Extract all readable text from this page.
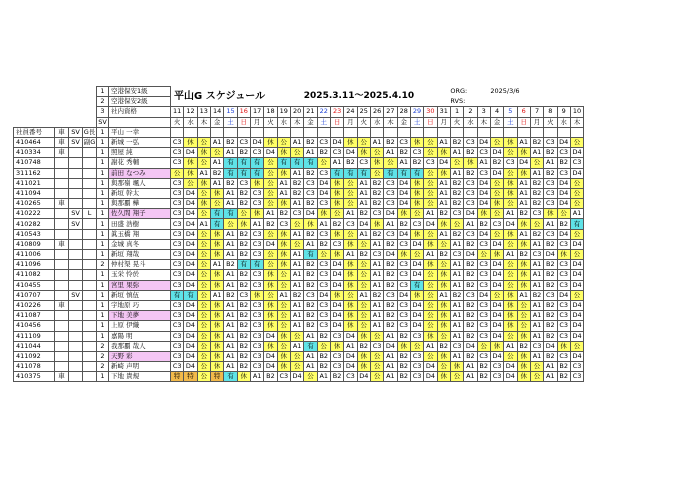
				1	空港保安1級	平山G スケジュール										2025.3.11～2025.4.10											ORG:			2025/3/6						
				2	空港保安2級																						RVS:									
				3	社内資格	11	12	13	14	15	16	17	18	19	20	21	22	23	24	25	26	27	28	29	30	31	1	2	3	4	5	6	7	8	9	10
				SV		火	水	木	金	土	日	月	火	水	木	金	土	日	月	火	水	木	金	土	日	月	火	水	木	金	土	日	月	火	水	木
社員番号	車	SV	G長	1	平山 一幸																															
410464	車	SV	副G	1	新城 一弘	C3	休	公	A1	B2	C3	D4	休	公	A1	B2	C3	D4	休	公	A1	B2	C3	休	公	A1	B2	C3	D4	公	休	A1	B2	C3	D4	公
410334	車			1	照屋 純	C3	D4	休	公	A1	B2	C3	D4	休	公	A1	B2	C3	D4	休	公	A1	B2	C3	公	休	A1	B2	C3	D4	公	休	A1	B2	C3	D4
410748				1	謝花 秀輔	C3	休	公	A1	有	有	有	公	有	有	有	公	A1	B2	C3	休	公	A1	B2	C3	D4	公	休	A1	B2	C3	D4	公	A1	B2	C3
311162				1	前田 なつみ	公	休	A1	B2	有	有	有	公	休	A1	B2	C3	有	有	有	公	有	有	有	公	休	A1	B2	C3	D4	公	休	A1	B2	C3	D4
411021				1	與那嶺 颯人	C3	公	休	A1	B2	C3	休	公	A1	B2	C3	D4	休	公	A1	B2	C3	D4	休	公	A1	B2	C3	D4	公	休	A1	B2	C3	D4	公
411094				1	新垣 幹太	C3	D4	公	休	A1	B2	C3	公	A1	B2	C3	D4	休	公	A1	B2	C3	D4	休	公	A1	B2	C3	D4	公	休	A1	B2	C3	D4	公
410265	車			1	與那覇 樺	C3	D4	休	公	A1	B2	C3	公	休	A1	B2	C3	休	公	A1	B2	C3	D4	休	公	A1	B2	C3	D4	休	公	A1	B2	C3	D4	公
410222		SV	L	1	佐久間 翔子	C3	D4	公	有	有	公	休	A1	B2	C3	D4	休	公	A1	B2	C3	D4	休	公	A1	B2	C3	D4	休	公	A1	B2	C3	休	公	A1
410282		SV		1	田盛 浩樹	C3	D4	A1	有	公	休	A1	B2	C3	公	休	A1	B2	C3	D4	休	A1	B2	C3	D4	休	公	A1	B2	C3	D4	休	公	A1	B2	有
410543				1	眞玉橋 翔	C3	D4	公	休	A1	B2	C3	公	休	A1	B2	C3	休	公	A1	B2	C3	D4	休	公	A1	B2	C3	D4	公	休	A1	B2	C3	D4	公
410809	車			1	金城 真冬	C3	D4	公	休	A1	B2	C3	D4	休	公	A1	B2	C3	休	公	A1	B2	C3	D4	休	公	A1	B2	C3	D4	公	休	A1	B2	C3	D4
411006				1	新垣 翔哉	C3	D4	公	休	A1	B2	C3	公	休	A1	有	公	休	A1	B2	C3	D4	休	公	A1	B2	C3	D4	公	休	A1	B2	C3	D4	休	公
411096				2	仲村渠 晃斗	C3	D4	公	A1	B2	有	有	公	休	A1	B2	C3	D4	休	公	A1	B2	C3	D4	休	公	A1	B2	C3	D4	公	休	A1	B2	C3	D4
411082				1	玉栄 怜於	C3	D4	公	休	A1	B2	C3	休	公	A1	B2	C3	D4	休	公	A1	B2	C3	D4	公	休	A1	B2	C3	D4	公	休	A1	B2	C3	D4
410455				1	宮里 果弥	C3	D4	公	休	A1	B2	C3	休	公	A1	B2	C3	D4	休	公	A1	B2	C3	有	公	休	A1	B2	C3	D4	公	休	A1	B2	C3	D4
410707		SV		1	新垣 慎伍	有	有	公	A1	B2	C3	休	公	A1	B2	C3	D4	休	公	A1	B2	C3	D4	休	公	A1	B2	C3	D4	公	休	A1	B2	C3	D4	公
410226	車			1	宇地原 巧	C3	D4	公	休	A1	B2	C3	休	公	A1	B2	C3	D4	休	公	A1	B2	C3	D4	公	休	A1	B2	C3	D4	休	公	A1	B2	C3	D4
411087				1	下地 美夢	C3	D4	公	休	A1	B2	C3	休	公	A1	B2	C3	D4	休	公	A1	B2	C3	D4	公	休	A1	B2	C3	D4	休	公	A1	B2	C3	D4
410456				1	上原 伊織	C3	D4	公	休	A1	B2	C3	休	公	A1	B2	C3	D4	休	公	A1	B2	C3	D4	公	休	A1	B2	C3	D4	休	公	A1	B2	C3	D4
411109				1	嘉陽 明	C3	D4	公	休	A1	B2	C3	D4	休	公	A1	B2	C3	D4	休	公	A1	B2	C3	休	公	A1	B2	C3	D4	公	休	A1	B2	C3	D4
411044				2	我那覇 哉人	C3	D4	公	休	A1	B2	C3	休	公	A1	有	公	休	A1	B2	C3	D4	休	公	A1	B2	C3	D4	公	休	A1	B2	C3	D4	休	公
411092				2	天野 彩	C3	D4	公	休	A1	B2	C3	D4	休	公	A1	B2	C3	D4	休	公	A1	B2	C3	公	休	A1	B2	C3	D4	公	休	A1	B2	C3	D4
411078				2	新崎 声明	C3	D4	公	休	A1	B2	C3	D4	休	公	A1	B2	C3	D4	休	公	A1	B2	C3	D4	公	休	A1	B2	C3	D4	休	公	A1	B2	C3
410375	車			1	下地 貴規	特	特	公	特	有	休	A1	B2	C3	D4	公	A1	B2	C3	D4	公	A1	B2	C3	D4	休	公	A1	B2	C3	D4	休	公	A1	B2	C3
